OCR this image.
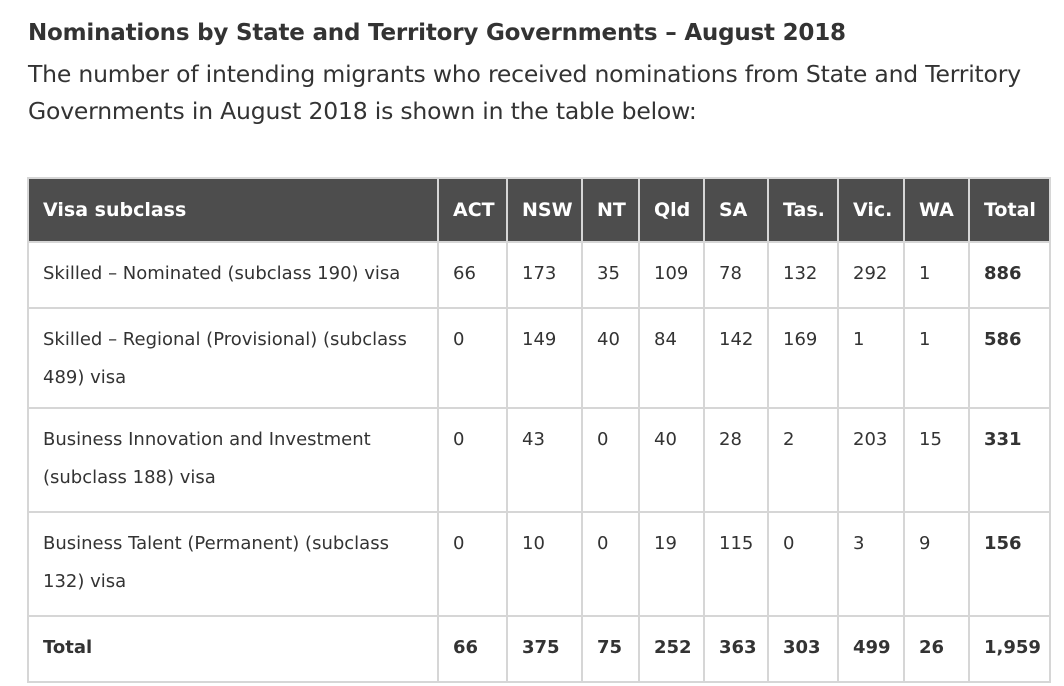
Nominations by State and Territory Governments – August 2018

The number of intending migrants who received nominations from State and Territory Governments in August 2018 is shown in the table below:

Visa subclass	ACT	NSW	NT	Qld	SA	Tas.	Vic.	WA	Total
Skilled – Nominated (subclass 190) visa	66	173	35	109	78	132	292	1	886
Skilled – Regional (Provisional) (subclass 489) visa	0	149	40	84	142	169	1	1	586
Business Innovation and Investment (subclass 188) visa	0	43	0	40	28	2	203	15	331
Business Talent (Permanent) (subclass 132) visa	0	10	0	19	115	0	3	9	156
Total	66	375	75	252	363	303	499	26	1,959
